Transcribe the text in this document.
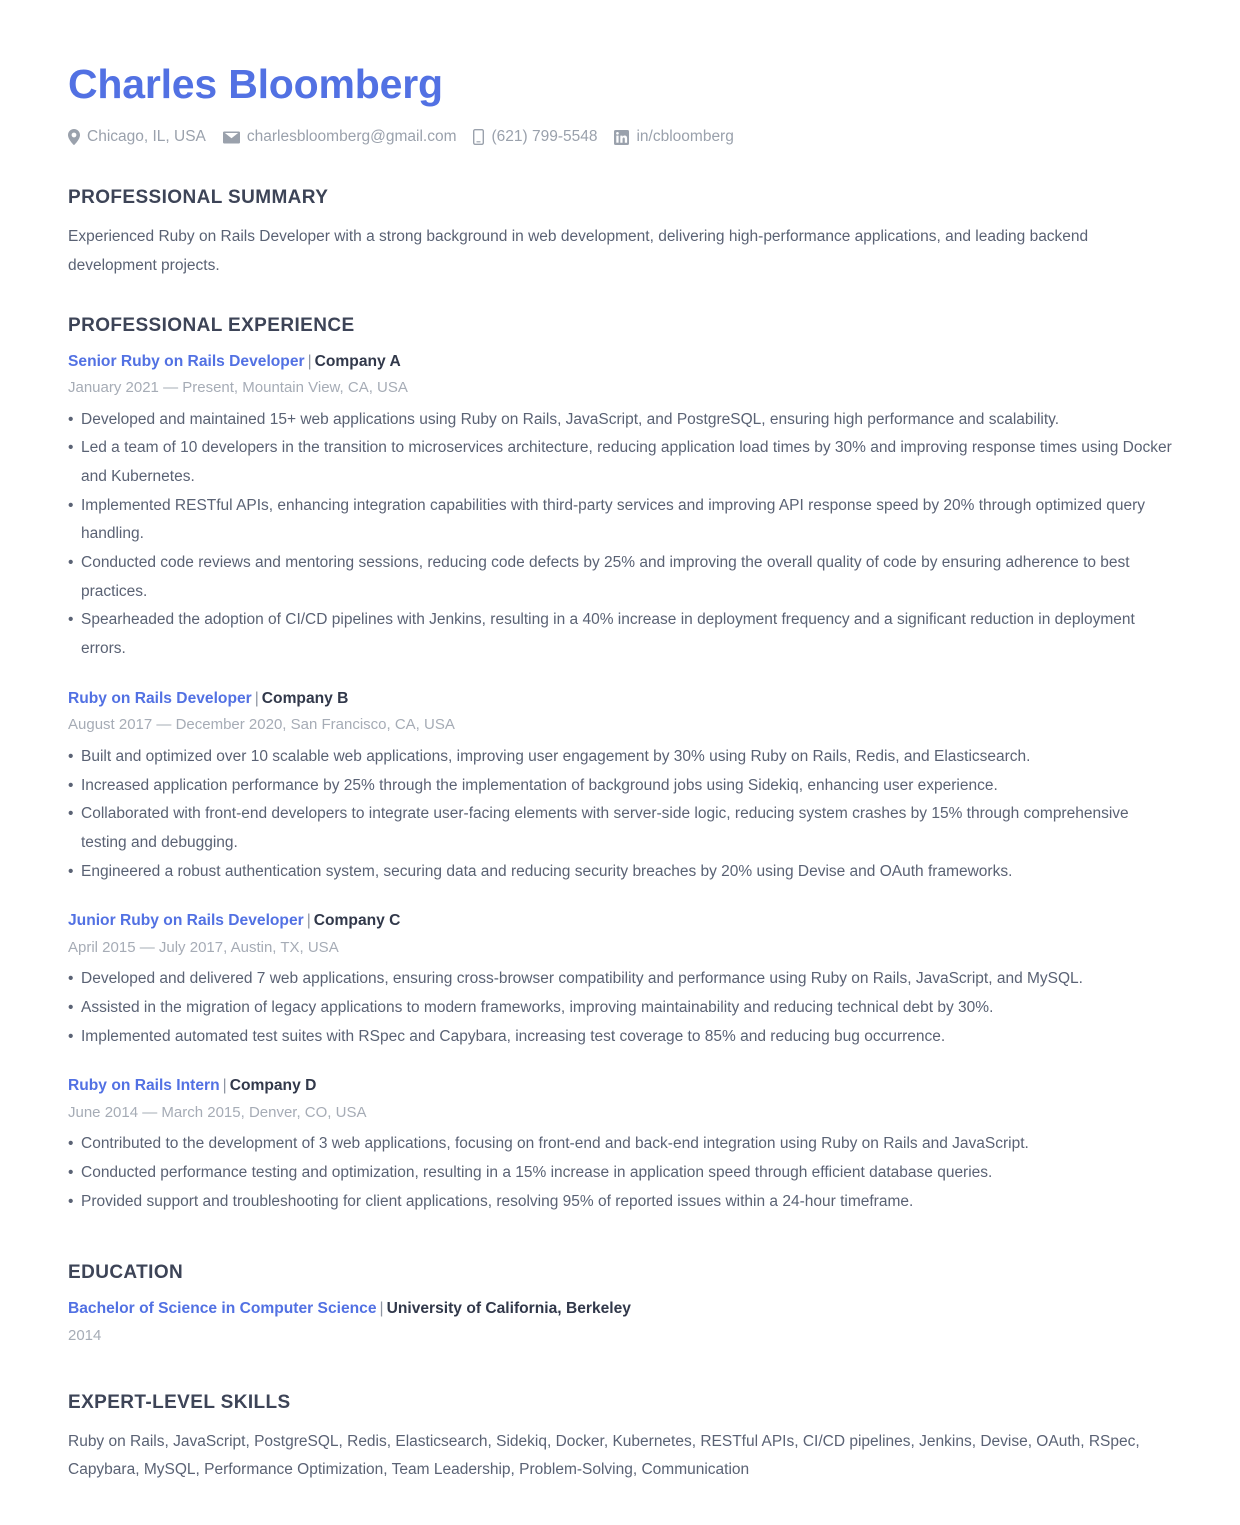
Charles Bloomberg
Chicago, IL, USA	charlesbloomberg@gmail.com (621) 799-5548	in/cbloomberg
PROFESSIONAL SUMMARY

Experienced Ruby on Rails Developer with a strong background in web development, delivering high-performance applications, and leading backend development projects.

PROFESSIONAL EXPERIENCE
Senior Ruby on Rails Developer | Company A
January 2021 — Present, Mountain View, CA, USA
• Developed and maintained 15+ web applications using Ruby on Rails, JavaScript, and PostgreSQL, ensuring high performance and scalability.
• Led a team of 10 developers in the transition to microservices architecture, reducing application load times by 30% and improving response times using Docker and Kubernetes.
• Implemented RESTful APIs, enhancing integration capabilities with third-party services and improving API response speed by 20% through optimized query handling.
• Conducted code reviews and mentoring sessions, reducing code defects by 25% and improving the overall quality of code by ensuring adherence to best practices.
• Spearheaded the adoption of CI/CD pipelines with Jenkins, resulting in a 40% increase in deployment frequency and a significant reduction in deployment errors.
Ruby on Rails Developer | Company B
August 2017 — December 2020, San Francisco, CA, USA
• Built and optimized over 10 scalable web applications, improving user engagement by 30% using Ruby on Rails, Redis, and Elasticsearch.
• Increased application performance by 25% through the implementation of background jobs using Sidekiq, enhancing user experience.
• Collaborated with front-end developers to integrate user-facing elements with server-side logic, reducing system crashes by 15% through comprehensive testing and debugging.
• Engineered a robust authentication system, securing data and reducing security breaches by 20% using Devise and OAuth frameworks.
Junior Ruby on Rails Developer | Company C
April 2015 — July 2017, Austin, TX, USA
• Developed and delivered 7 web applications, ensuring cross-browser compatibility and performance using Ruby on Rails, JavaScript, and MySQL.
• Assisted in the migration of legacy applications to modern frameworks, improving maintainability and reducing technical debt by 30%.
• Implemented automated test suites with RSpec and Capybara, increasing test coverage to 85% and reducing bug occurrence.
Ruby on Rails Intern | Company D
June 2014 — March 2015, Denver, CO, USA
• Contributed to the development of 3 web applications, focusing on front-end and back-end integration using Ruby on Rails and JavaScript.
• Conducted performance testing and optimization, resulting in a 15% increase in application speed through efficient database queries.
• Provided support and troubleshooting for client applications, resolving 95% of reported issues within a 24-hour timeframe.
EDUCATION
Bachelor of Science in Computer Science | University of California, Berkeley
2014
EXPERT-LEVEL SKILLS

Ruby on Rails, JavaScript, PostgreSQL, Redis, Elasticsearch, Sidekiq, Docker, Kubernetes, RESTful APIs, CI/CD pipelines, Jenkins, Devise, OAuth, RSpec, Capybara, MySQL, Performance Optimization, Team Leadership, Problem-Solving, Communication
